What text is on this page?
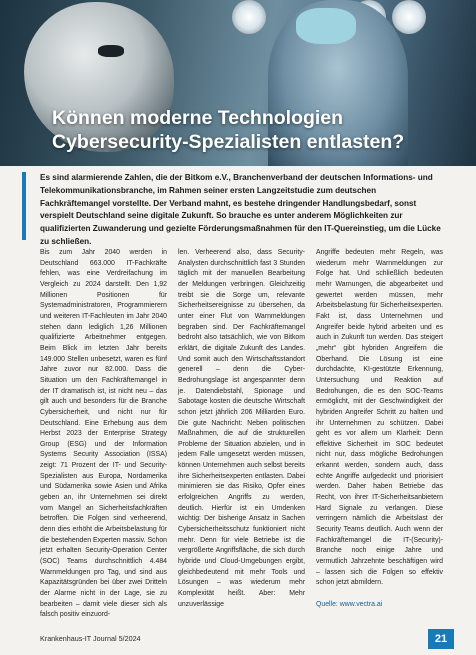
Können moderne Technologien
Cybersecurity-Spezialisten entlasten?

Es sind alarmierende Zahlen, die der Bitkom e.V., Branchenverband der deutschen Informations- und Telekommunikationsbranche, im Rahmen seiner ersten Langzeitstudie zum deutschen Fachkräftemangel vorstellte. Der Verband mahnt, es bestehe dringender Handlungsbedarf, sonst verspielt Deutschland seine digitale Zukunft. So brauche es unter anderem Möglichkeiten zur qualifizierten Zuwanderung und gezielte Förderungsmaßnahmen für den IT-Quereinstieg, um die Lücke zu schließen.

Bis zum Jahr 2040 werden in Deutschland 663.000 IT-Fachkräfte fehlen, was eine Verdreifachung im Vergleich zu 2024 darstellt. Den 1,92 Millionen Positionen für Systemadministratoren, Programmierern und weiteren IT-Fachleuten im Jahr 2040 stehen dann lediglich 1,26 Millionen qualifizierte Arbeitnehmer entgegen. Beim Blick im letzten Jahr bereits 149.000 Stellen unbesetzt, waren es fünf Jahre zuvor nur 82.000. Dass die Situation um den Fachkräftemangel in der IT dramatisch ist, ist nicht neu – das gilt auch und besonders für die Branche Cybersicherheit, und nicht nur für Deutschland. Eine Erhebung aus dem Herbst 2023 der Enterprise Strategy Group (ESG) und der Information Systems Security Association (ISSA) zeigt: 71 Prozent der IT- und Security-Spezialisten aus Europa, Nordamerika und Südamerika sowie Asien und Afrika geben an, ihr Unternehmen sei direkt vom Mangel an Sicherheitsfachkräften betroffen. Die Folgen sind verheerend, denn dies erhöht die Arbeitsbelastung für die bestehenden Experten massiv. Schon jetzt erhalten Security-Operation Center (SOC) Teams durchschnittlich 4.484 Warnmeldungen pro Tag, und sind aus Kapazitätsgründen bei über zwei Dritteln der Alarme nicht in der Lage, sie zu bearbeiten – damit viele dieser sich als falsch positiv einzuord-

len. Verheerend also, dass Security-Analysten durchschnittlich fast 3 Stunden täglich mit der manuellen Bearbeitung der Meldungen verbringen. Gleichzeitig treibt sie die Sorge um, relevante Sicherheitsereignisse zu übersehen, da unter einer Flut von Warnmeldungen begraben sind. Der Fachkräftemangel bedroht also tatsächlich, wie von Bitkom erklärt, die digitale Zukunft des Landes. Und somit auch den Wirtschaftsstandort generell – denn die Cyber-Bedrohungslage ist angespannter denn je. Datendiebstahl, Spionage und Sabotage kosten die deutsche Wirtschaft schon jetzt jährlich 206 Milliarden Euro. Die gute Nachricht: Neben politischen Maßnahmen, die auf die strukturellen Probleme der Situation abzielen, und in jedem Falle umgesetzt werden müssen, können Unternehmen auch selbst bereits ihre Sicherheitsexperten entlasten. Dabei minimieren sie das Risiko, Opfer eines erfolgreichen Angriffs zu werden, deutlich. Hierfür ist ein Umdenken wichtig: Der bisherige Ansatz in Sachen Cybersicherheitsschutz funktioniert nicht mehr. Denn für viele Betriebe ist die vergrößerte Angriffsfläche, die sich durch hybride und Cloud-Umgebungen ergibt, gleichbedeutend mit mehr Tools und Lösungen – was wiederum mehr Komplexität heißt. Aber: Mehr unzuverlässige

Angriffe bedeuten mehr Regeln, was wiederum mehr Warnmeldungen zur Folge hat. Und schließlich bedeuten mehr Warnungen, die abgearbeitet und gewertet werden müssen, mehr Arbeitsbelastung für Sicherheitsexperten. Fakt ist, dass Unternehmen und Angreifer beide hybrid arbeiten und es auch in Zukunft tun werden. Das steigert „mehr“ gibt hybriden Angreifern die Oberhand. Die Lösung ist eine durchdachte, KI-gestützte Erkennung, Untersuchung und Reaktion auf Bedrohungen, die es den SOC-Teams ermöglicht, mit der Geschwindigkeit der hybriden Angreifer Schritt zu halten und ihr Unternehmen zu schützen. Dabei geht es vor allem um Klarheit: Denn effektive Sicherheit im SOC bedeutet nicht nur, dass mögliche Bedrohungen erkannt werden, sondern auch, dass echte Angriffe aufgedeckt und priorisiert werden. Daher haben Betriebe das Recht, von ihrer IT-Sicherheitsanbietern Hard Signale zu verlangen. Diese verringern nämlich die Arbeitslast der Security Teams deutlich. Auch wenn der Fachkräftemangel die IT-(Security)-Branche noch einige Jahre und vermutlich Jahrzehnte beschäftigen wird – lassen sich die Folgen so effektiv schon jetzt abmildern.

Quelle: www.vectra.ai
Krankenhaus-IT Journal 5/2024	21
